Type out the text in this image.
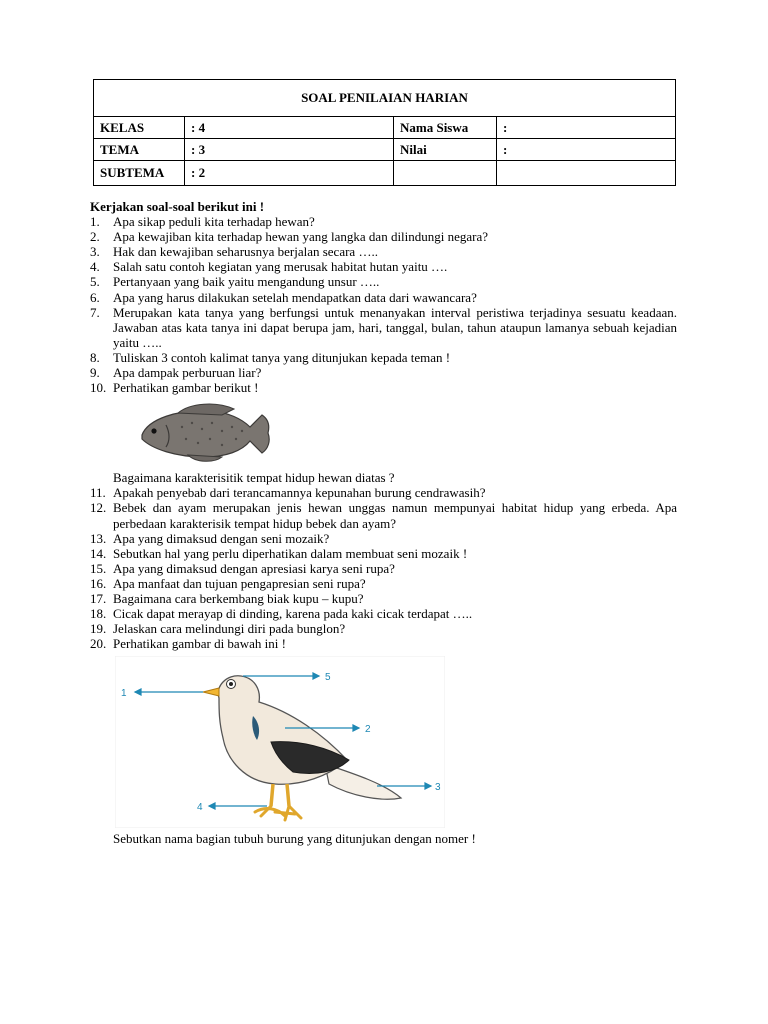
SOAL PENILAIAN HARIAN			
KELAS	: 4	Nama Siswa	:
TEMA	: 3	Nilai	:
SUBTEMA	: 2		
Kerjakan soal-soal berikut ini !
1.	Apa sikap peduli kita terhadap hewan?
2.	Apa kewajiban kita terhadap hewan yang langka dan dilindungi negara?
3.	Hak dan kewajiban seharusnya berjalan secara …..
4.	Salah satu contoh kegiatan yang merusak habitat hutan yaitu ….
5.	Pertanyaan yang baik yaitu mengandung unsur …..
6.	Apa yang harus dilakukan setelah mendapatkan data dari wawancara?
7.	Merupakan kata tanya yang berfungsi untuk menanyakan interval peristiwa terjadinya sesuatu keadaan. Jawaban atas kata tanya ini dapat berupa jam, hari, tanggal, bulan, tahun ataupun lamanya sebuah kejadian yaitu …..
8.	Tuliskan 3 contoh kalimat tanya yang ditunjukan kepada teman !
9.	Apa dampak perburuan liar?
10. Perhatikan gambar berikut !
Bagaimana karakterisitik tempat hidup hewan diatas ?
11. Apakah penyebab dari terancamannya kepunahan burung cendrawasih?
12. Bebek dan ayam merupakan jenis hewan unggas namun mempunyai habitat hidup yang erbeda. Apa perbedaan karakterisik tempat hidup bebek dan ayam?
13. Apa yang dimaksud dengan seni mozaik?
14. Sebutkan hal yang perlu diperhatikan dalam membuat seni mozaik !
15. Apa yang dimaksud dengan apresiasi karya seni rupa?
16. Apa manfaat dan tujuan pengapresian seni rupa?
17. Bagaimana cara berkembang biak kupu – kupu?
18. Cicak dapat merayap di dinding, karena pada kaki cicak terdapat …..
19. Jelaskan cara melindungi diri pada bunglon?
20. Perhatikan gambar di bawah ini !
1
2
3
4
5
Sebutkan nama bagian tubuh burung yang ditunjukan dengan nomer !
